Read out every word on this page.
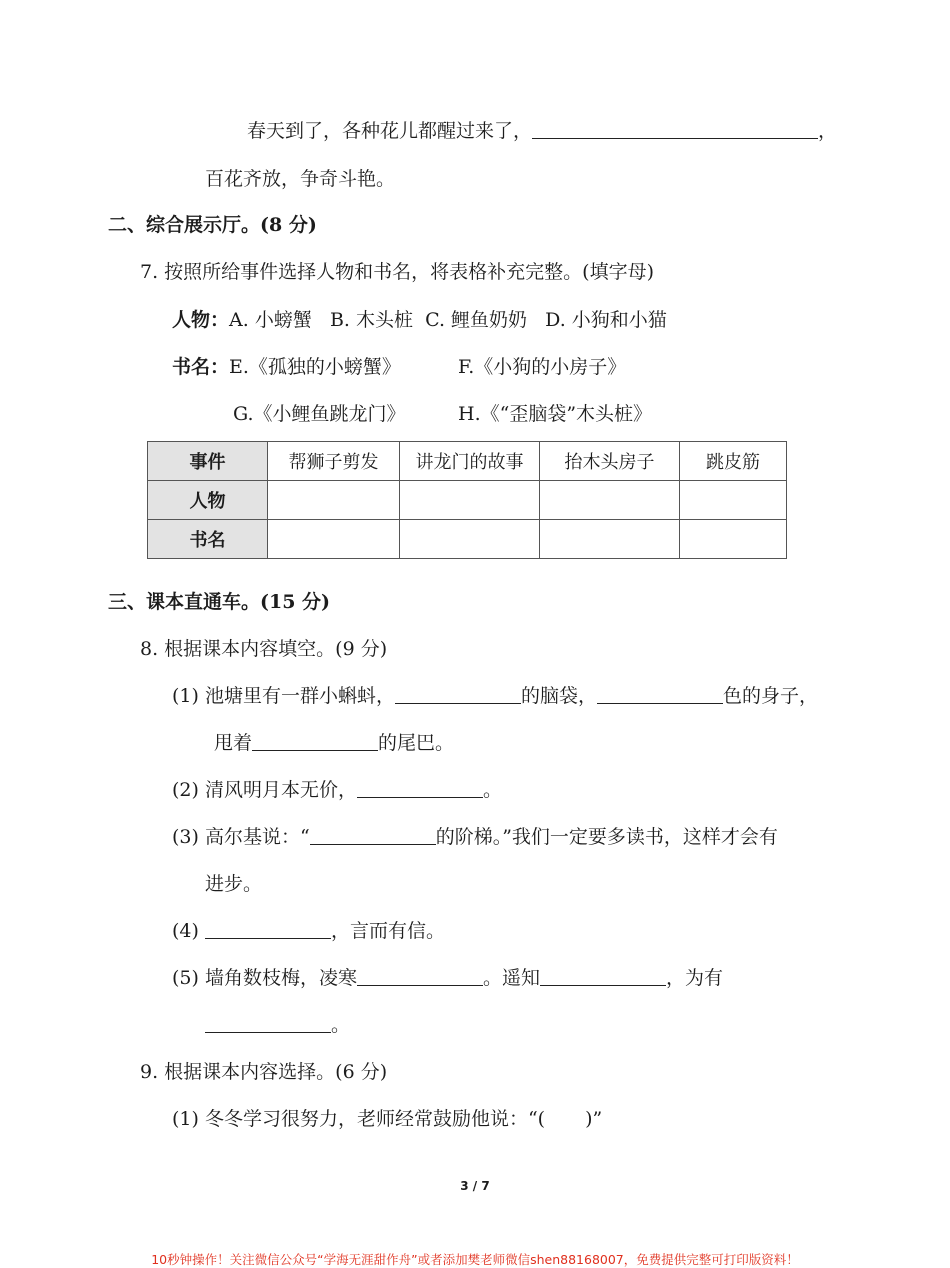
春天到了，各种花儿都醒过来了，	，
百花齐放，争奇斗艳。
二、综合展示厅。(8 分)
7. 按照所给事件选择人物和书名，将表格补充完整。(填字母)
人物：A. 小螃蟹 B. 木头桩 C. 鲤鱼奶奶 D. 小狗和小猫
书名：E.《孤独的小螃蟹》	F.《小狗的小房子》
G.《小鲤鱼跳龙门》	H.《“歪脑袋”木头桩》
事件	帮狮子剪发	讲龙门的故事	抬木头房子	跳皮筋
人物				
书名				
三、课本直通车。(15 分)
8. 根据课本内容填空。(9 分)
(1) 池塘里有一群小蝌蚪，	的脑袋，	色的身子，
甩着	的尾巴。
(2) 清风明月本无价，	。
(3) 高尔基说：“	的阶梯。”我们一定要多读书，这样才会有
进步。
(4)	，言而有信。
(5) 墙角数枝梅，凌寒	。遥知	，为有
。
9. 根据课本内容选择。(6 分)
(1) 冬冬学习很努力，老师经常鼓励他说：“( )”
3 / 7
10秒钟操作！关注微信公众号“学海无涯甜作舟”或者添加樊老师微信shen88168007，免费提供完整可打印版资料！
